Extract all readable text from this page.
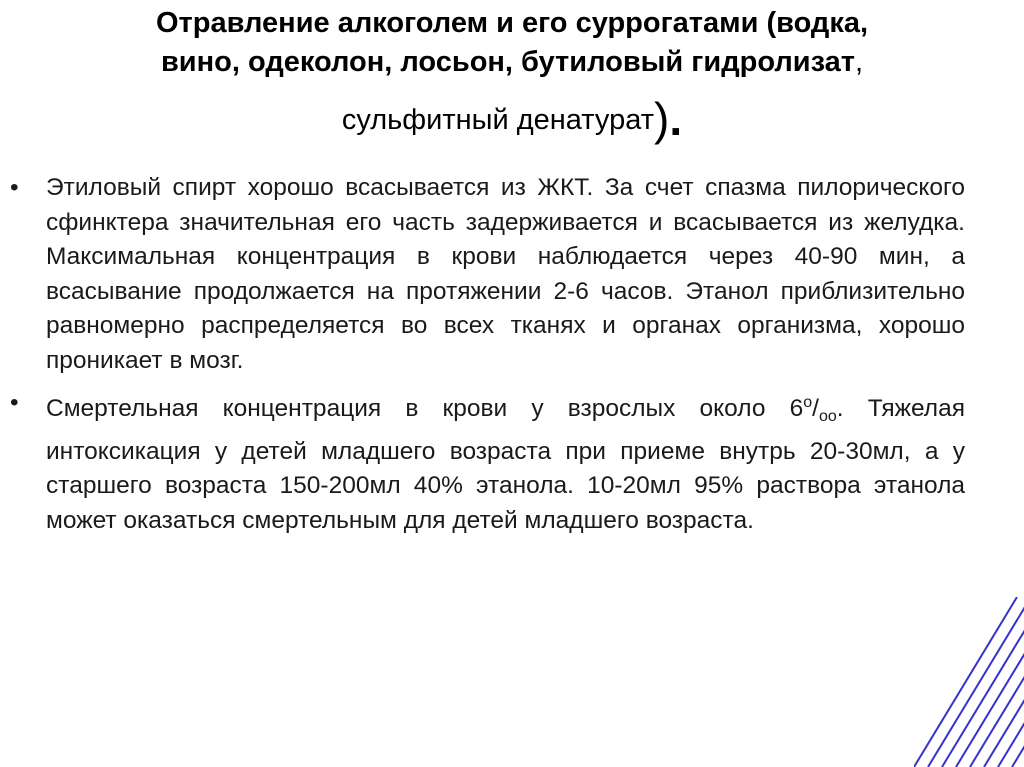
Отравление алкоголем и его суррогатами (водка,
вино, одеколон, лосьон, бутиловый гидролизат,
сульфитный денатурат).
•	Этиловый спирт хорошо всасывается из ЖКТ. За счет спазма пилорического сфинктера значительная его часть задерживается и всасывается из желудка. Максимальная концентрация в крови наблюдается через 40-90 мин, а всасывание продолжается на протяжении 2-6 часов. Этанол приблизительно равномерно распределяется во всех тканях и органах организма, хорошо проникает в мозг.
•	Смертельная концентрация в крови у взрослых около $6^о/_{оо}$. Тяжелая интоксикация у детей младшего возраста при приеме внутрь 20-30мл, а у старшего возраста 150-200мл 40% этанола. 10-20мл 95% раствора этанола может оказаться смертельным для детей младшего возраста.
